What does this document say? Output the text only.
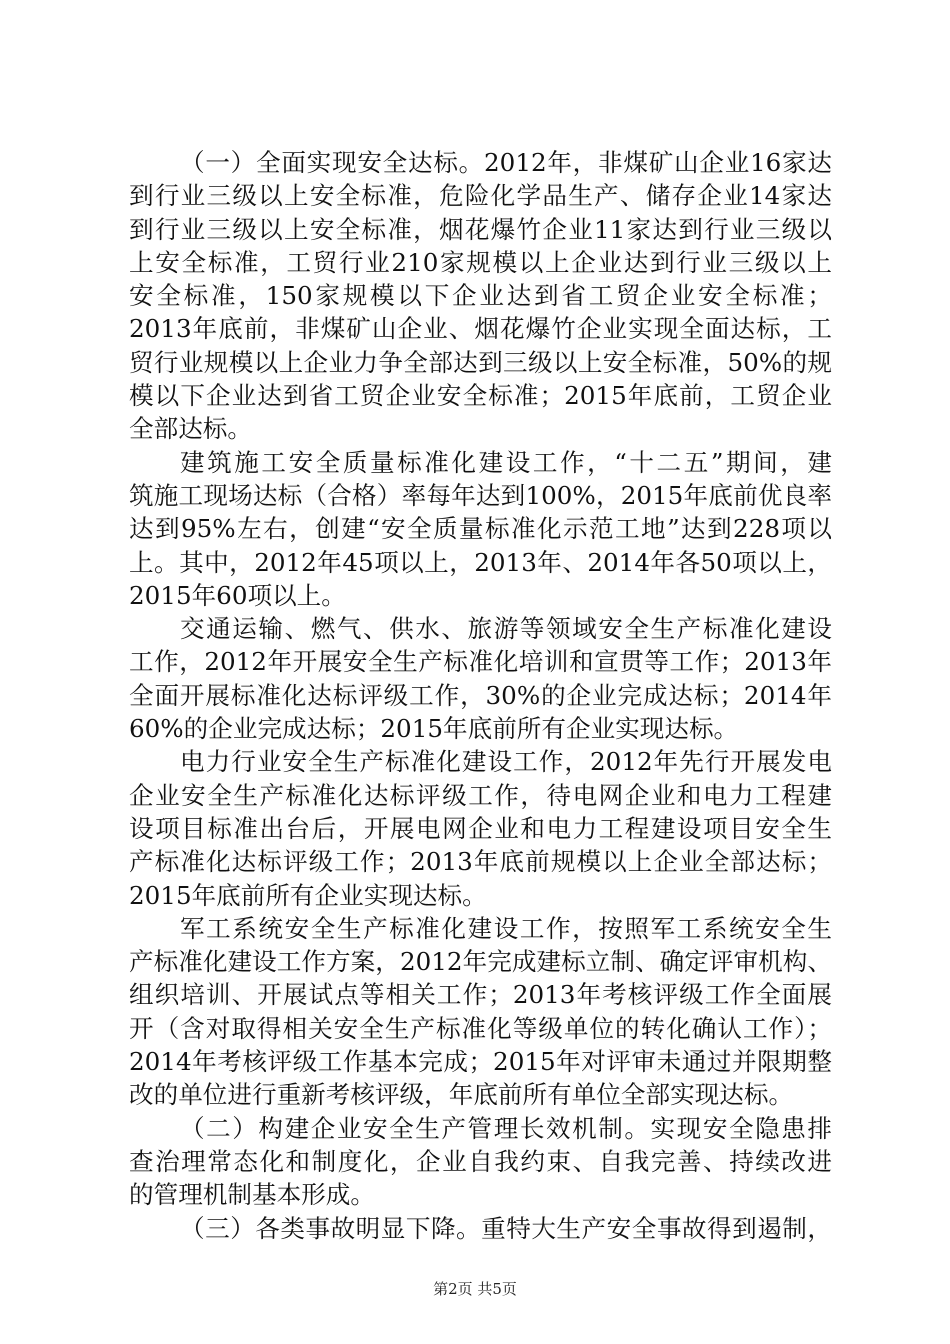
（一）全面实现安全达标。2012年，非煤矿山企业16家达
到行业三级以上安全标准，危险化学品生产、储存企业14家达
到行业三级以上安全标准，烟花爆竹企业11家达到行业三级以
上安全标准，工贸行业210家规模以上企业达到行业三级以上
安全标准，150家规模以下企业达到省工贸企业安全标准；
2013年底前，非煤矿山企业、烟花爆竹企业实现全面达标，工
贸行业规模以上企业力争全部达到三级以上安全标准，50%的规
模以下企业达到省工贸企业安全标准；2015年底前，工贸企业
全部达标。
建筑施工安全质量标准化建设工作，“十二五”期间，建
筑施工现场达标（合格）率每年达到100%，2015年底前优良率
达到95%左右，创建“安全质量标准化示范工地”达到228项以
上。其中，2012年45项以上，2013年、2014年各50项以上，
2015年60项以上。
交通运输、燃气、供水、旅游等领域安全生产标准化建设
工作，2012年开展安全生产标准化培训和宣贯等工作；2013年
全面开展标准化达标评级工作，30%的企业完成达标；2014年
60%的企业完成达标；2015年底前所有企业实现达标。
电力行业安全生产标准化建设工作，2012年先行开展发电
企业安全生产标准化达标评级工作，待电网企业和电力工程建
设项目标准出台后，开展电网企业和电力工程建设项目安全生
产标准化达标评级工作；2013年底前规模以上企业全部达标；
2015年底前所有企业实现达标。
军工系统安全生产标准化建设工作，按照军工系统安全生
产标准化建设工作方案，2012年完成建标立制、确定评审机构、
组织培训、开展试点等相关工作；2013年考核评级工作全面展
开（含对取得相关安全生产标准化等级单位的转化确认工作）；
2014年考核评级工作基本完成；2015年对评审未通过并限期整
改的单位进行重新考核评级，年底前所有单位全部实现达标。
（二）构建企业安全生产管理长效机制。实现安全隐患排
查治理常态化和制度化，企业自我约束、自我完善、持续改进
的管理机制基本形成。
（三）各类事故明显下降。重特大生产安全事故得到遏制，
第2页 共5页
